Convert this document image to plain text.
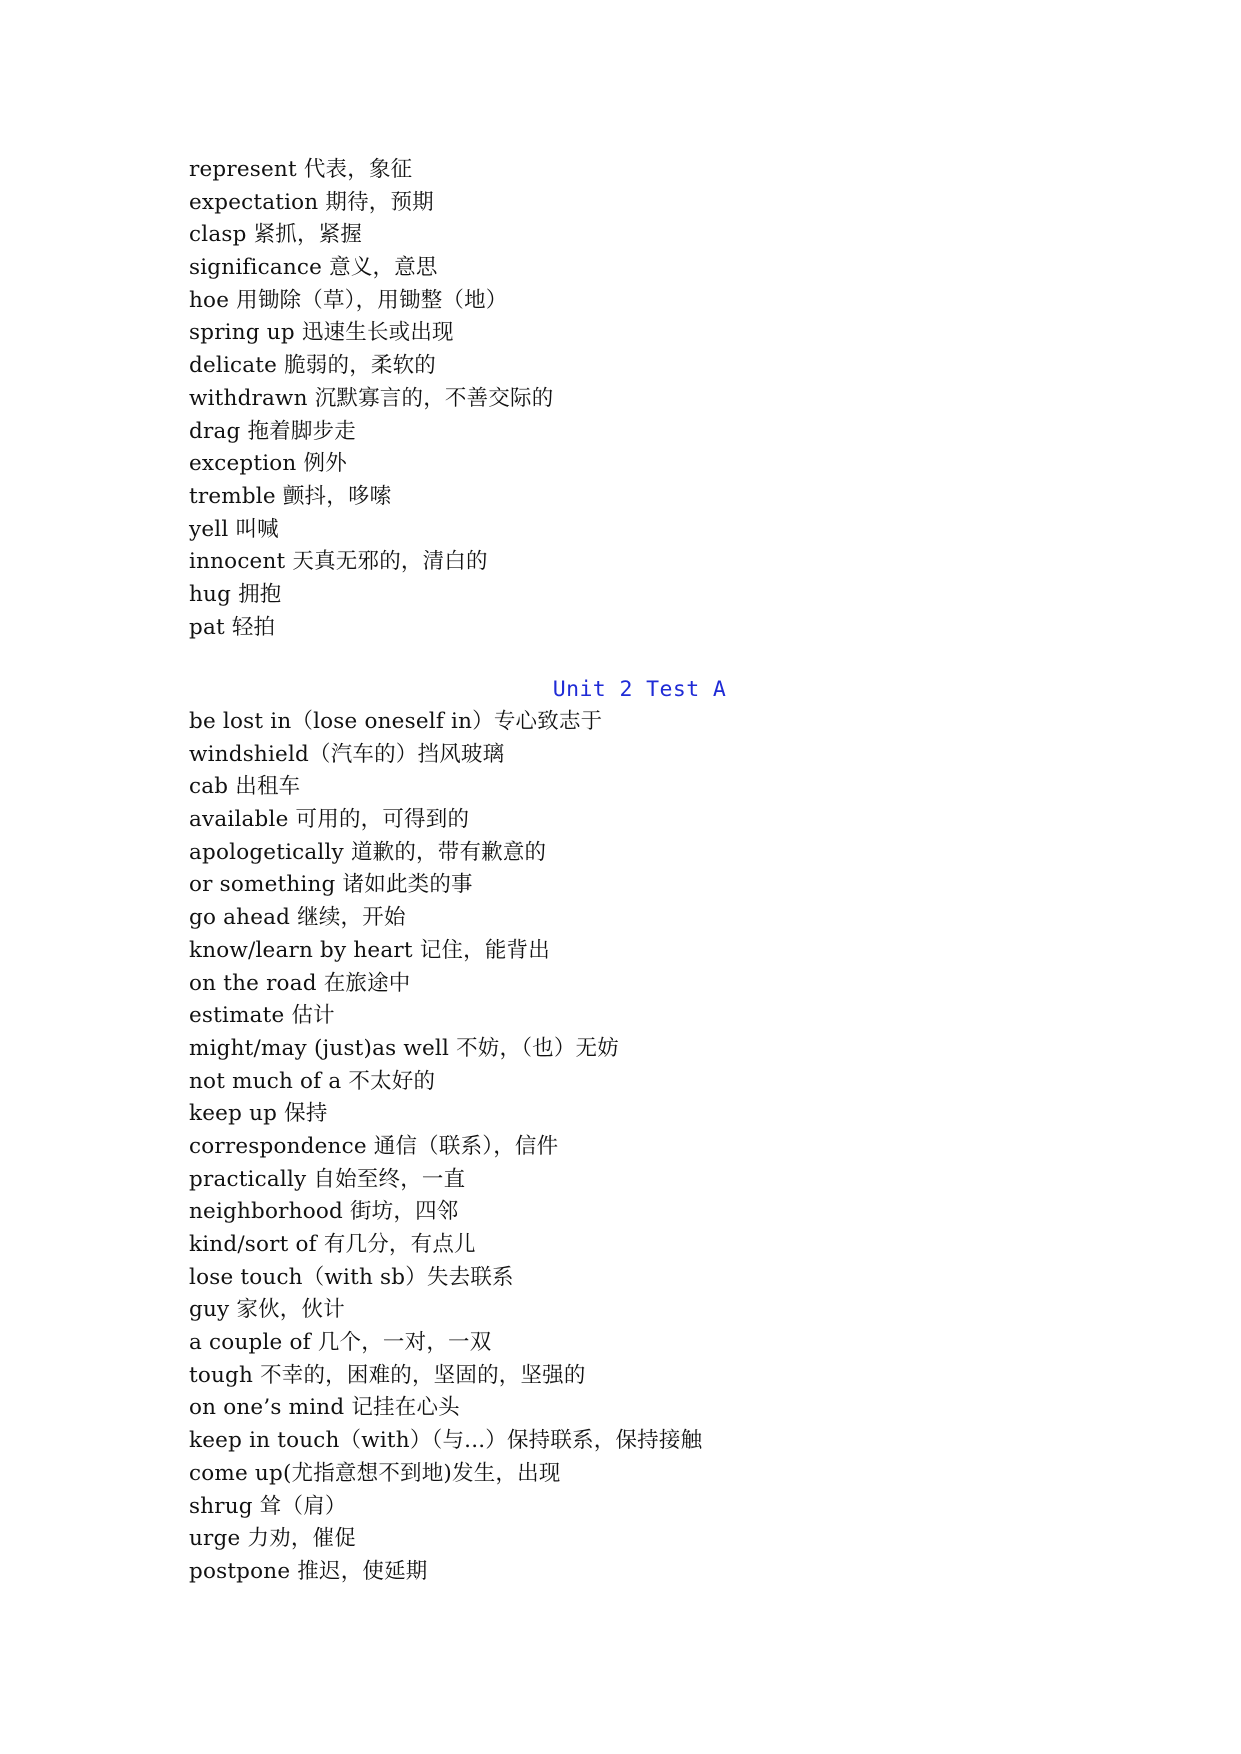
represent 代表，象征
expectation 期待，预期
clasp 紧抓，紧握
significance 意义，意思
hoe 用锄除（草），用锄整（地）
spring up 迅速生长或出现
delicate 脆弱的，柔软的
withdrawn 沉默寡言的，不善交际的
drag 拖着脚步走
exception 例外
tremble 颤抖，哆嗦
yell 叫喊
innocent 天真无邪的，清白的
hug 拥抱
pat 轻拍
Unit 2 Test A
be lost in（lose oneself in）专心致志于
windshield（汽车的）挡风玻璃
cab 出租车
available 可用的，可得到的
apologetically 道歉的，带有歉意的
or something 诸如此类的事
go ahead 继续，开始
know/learn by heart 记住，能背出
on the road 在旅途中
estimate 估计
might/may (just)as well 不妨，（也）无妨
not much of a 不太好的
keep up 保持
correspondence 通信（联系），信件
practically 自始至终，一直
neighborhood 街坊，四邻
kind/sort of 有几分，有点儿
lose touch（with sb）失去联系
guy 家伙，伙计
a couple of 几个，一对，一双
tough 不幸的，困难的，坚固的，坚强的
on one’s mind 记挂在心头
keep in touch（with）（与...）保持联系，保持接触
come up(尤指意想不到地)发生，出现
shrug 耸（肩）
urge 力劝，催促
postpone 推迟，使延期
